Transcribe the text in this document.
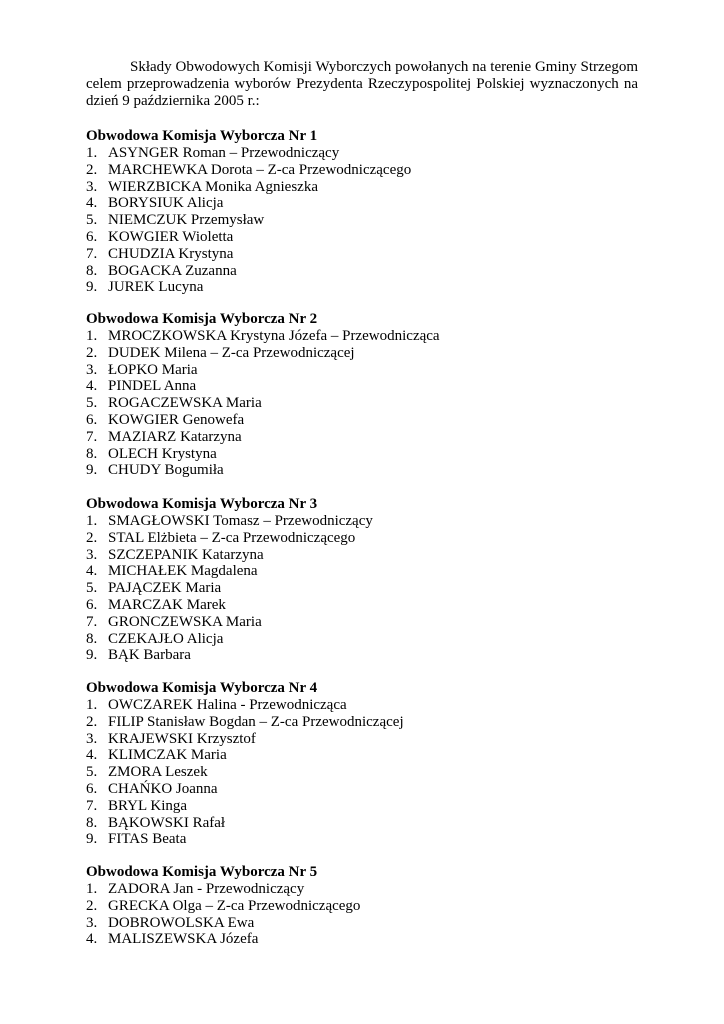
Składy Obwodowych Komisji Wyborczych powołanych na terenie Gminy Strzegom celem przeprowadzenia wyborów Prezydenta Rzeczypospolitej Polskiej wyznaczonych na dzień 9 października 2005 r.:

Obwodowa Komisja Wyborcza Nr 1

1. ASYNGER Roman – Przewodniczący
2. MARCHEWKA Dorota – Z-ca Przewodniczącego
3. WIERZBICKA Monika Agnieszka
4. BORYSIUK Alicja
5. NIEMCZUK Przemysław
6. KOWGIER Wioletta
7. CHUDZIA Krystyna
8. BOGACKA Zuzanna
9. JUREK Lucyna

Obwodowa Komisja Wyborcza Nr 2

1. MROCZKOWSKA Krystyna Józefa – Przewodnicząca
2. DUDEK Milena – Z-ca Przewodniczącej
3. ŁOPKO Maria
4. PINDEL Anna
5. ROGACZEWSKA Maria
6. KOWGIER Genowefa
7. MAZIARZ Katarzyna
8. OLECH Krystyna
9. CHUDY Bogumiła

Obwodowa Komisja Wyborcza Nr 3

1. SMAGŁOWSKI Tomasz – Przewodniczący
2. STAL Elżbieta – Z-ca Przewodniczącego
3. SZCZEPANIK Katarzyna
4. MICHAŁEK Magdalena
5. PAJĄCZEK Maria
6. MARCZAK Marek
7. GRONCZEWSKA Maria
8. CZEKAJŁO Alicja
9. BĄK Barbara

Obwodowa Komisja Wyborcza Nr 4

1. OWCZAREK Halina - Przewodnicząca
2. FILIP Stanisław Bogdan – Z-ca Przewodniczącej
3. KRAJEWSKI Krzysztof
4. KLIMCZAK Maria
5. ZMORA Leszek
6. CHAŃKO Joanna
7. BRYL Kinga
8. BĄKOWSKI Rafał
9. FITAS Beata

Obwodowa Komisja Wyborcza Nr 5

1. ZADORA Jan - Przewodniczący
2. GRECKA Olga – Z-ca Przewodniczącego
3. DOBROWOLSKA Ewa
4. MALISZEWSKA Józefa
